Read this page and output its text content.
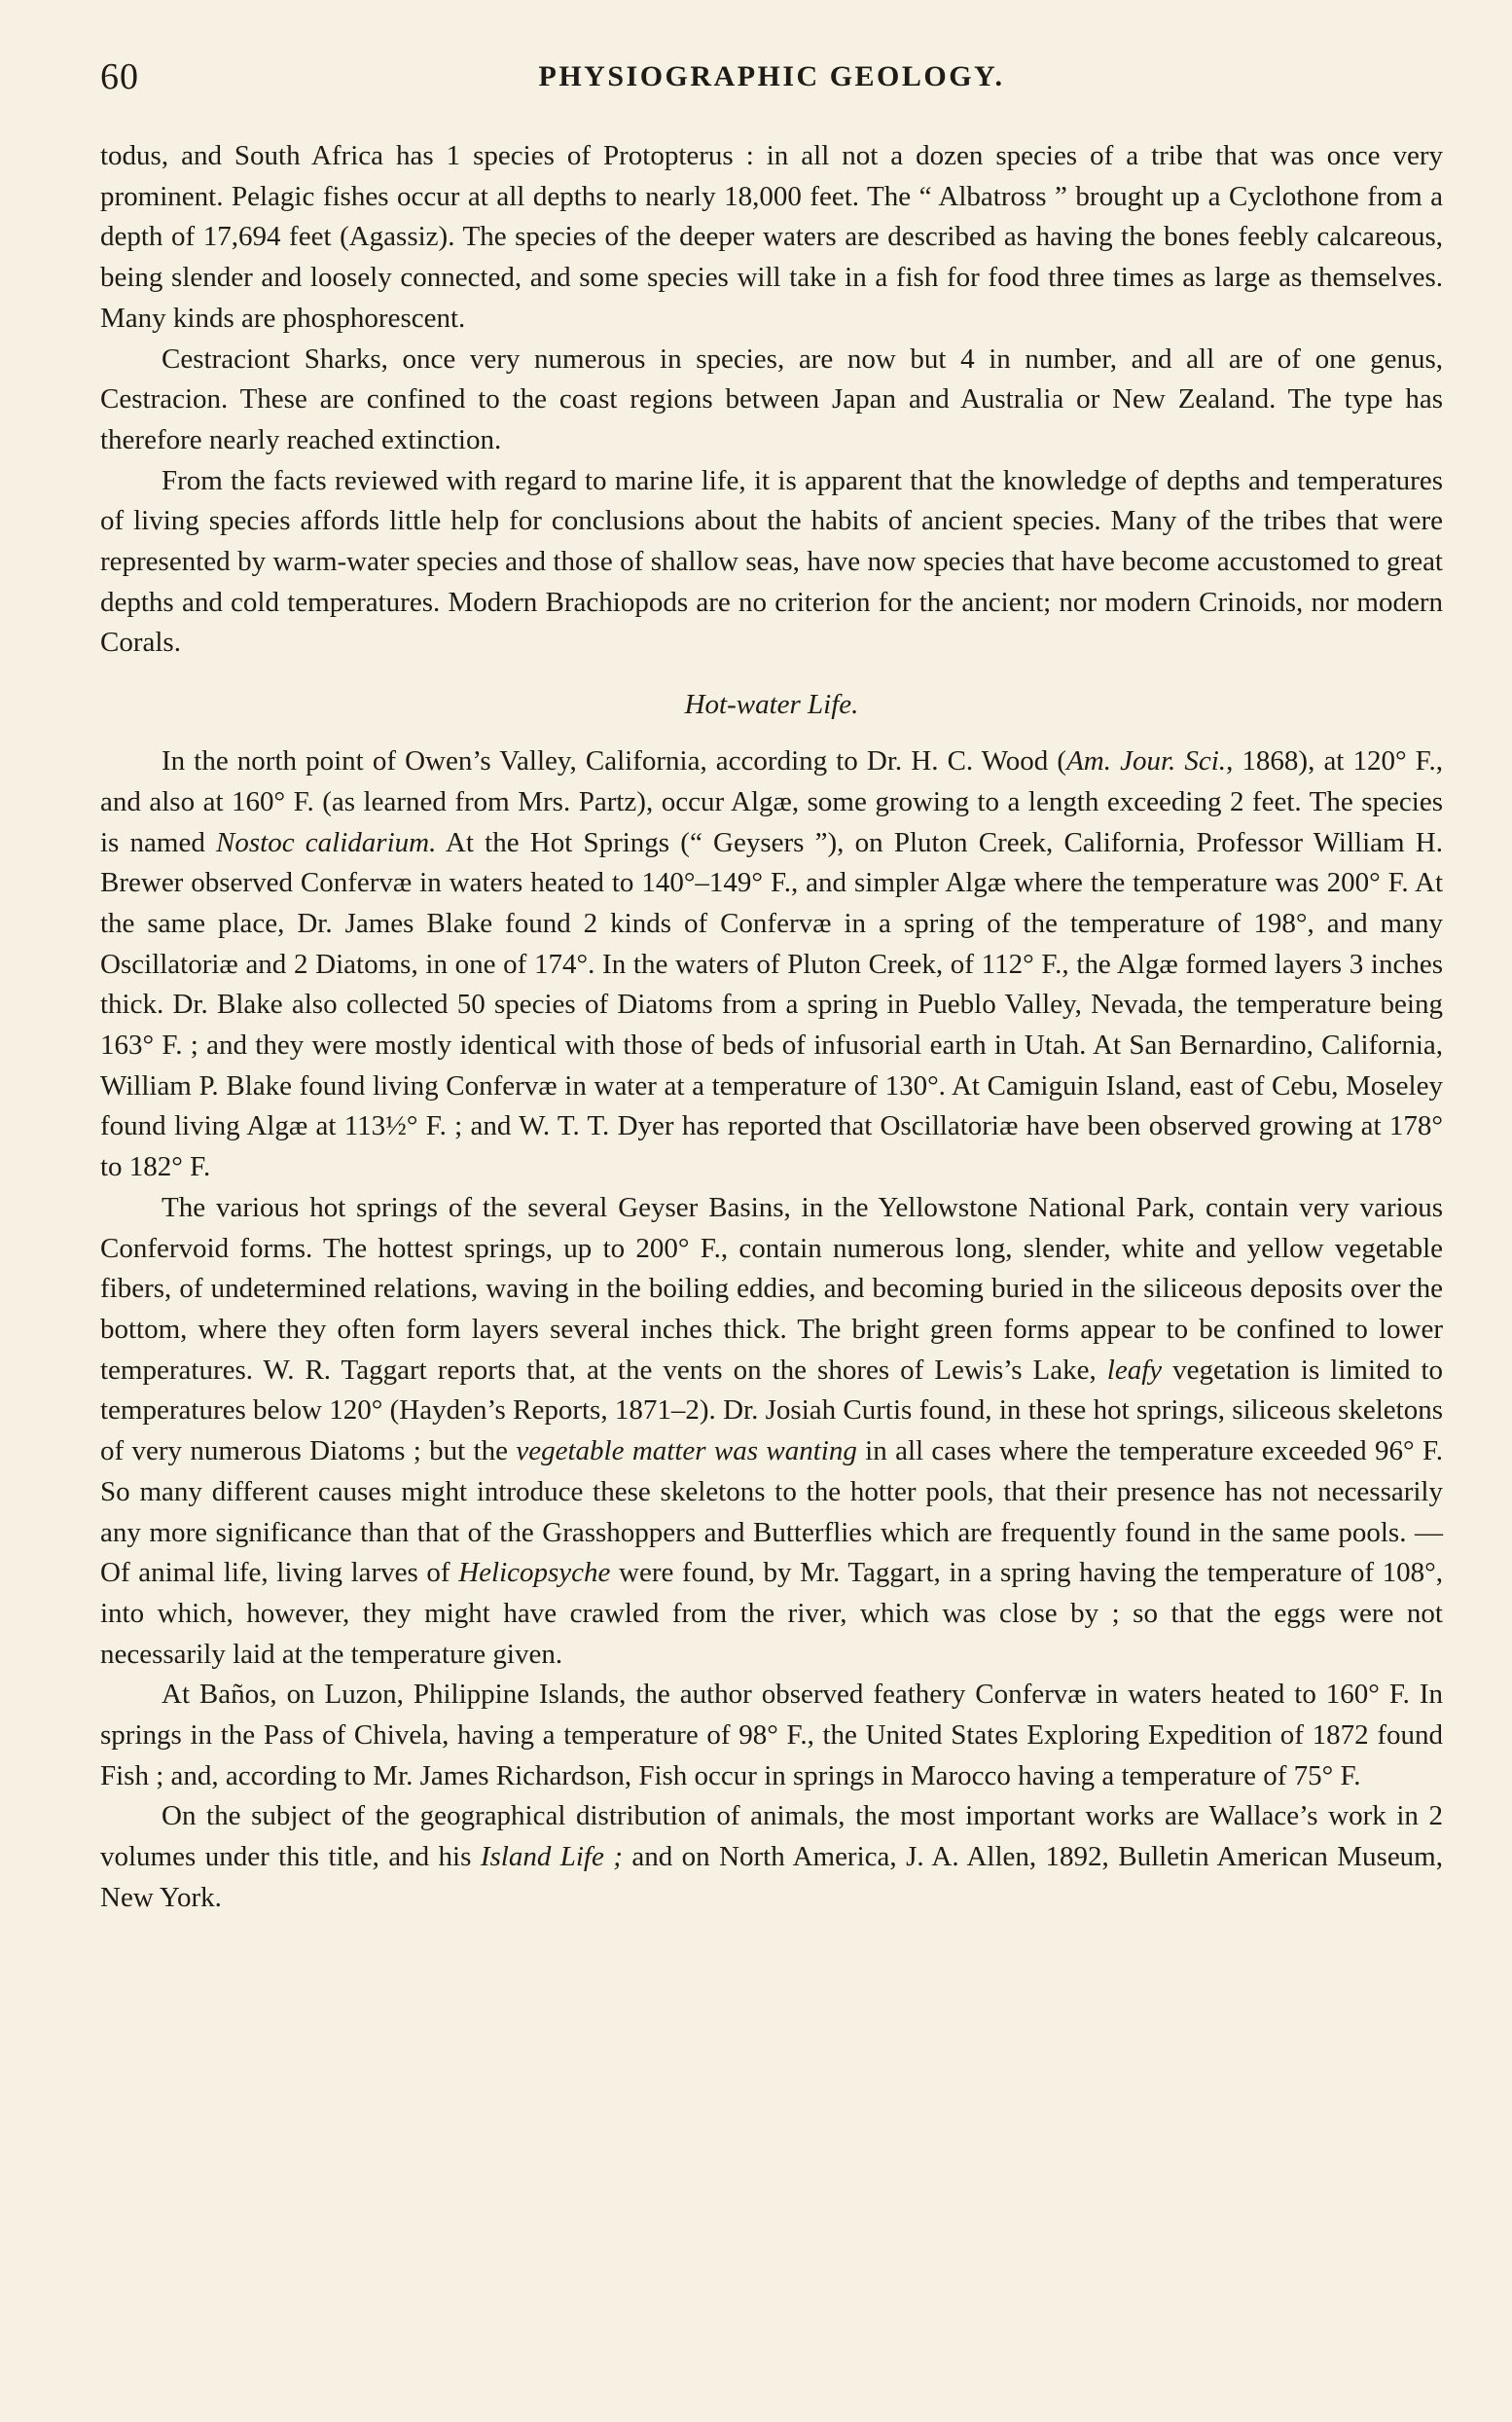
60	PHYSIOGRAPHIC GEOLOGY.

todus, and South Africa has 1 species of Protopterus : in all not a dozen species of a tribe that was once very prominent. Pelagic fishes occur at all depths to nearly 18,000 feet. The “ Albatross ” brought up a Cyclothone from a depth of 17,694 feet (Agassiz). The species of the deeper waters are described as having the bones feebly calcareous, being slender and loosely connected, and some species will take in a fish for food three times as large as themselves. Many kinds are phosphorescent.

Cestraciont Sharks, once very numerous in species, are now but 4 in number, and all are of one genus, Cestracion. These are confined to the coast regions between Japan and Australia or New Zealand. The type has therefore nearly reached extinction.

From the facts reviewed with regard to marine life, it is apparent that the knowledge of depths and temperatures of living species affords little help for conclusions about the habits of ancient species. Many of the tribes that were represented by warm-water species and those of shallow seas, have now species that have become accustomed to great depths and cold temperatures. Modern Brachiopods are no criterion for the ancient; nor modern Crinoids, nor modern Corals.

Hot-water Life.

In the north point of Owen’s Valley, California, according to Dr. H. C. Wood (Am. Jour. Sci., 1868), at 120° F., and also at 160° F. (as learned from Mrs. Partz), occur Algæ, some growing to a length exceeding 2 feet. The species is named Nostoc calidarium. At the Hot Springs (“ Geysers ”), on Pluton Creek, California, Professor William H. Brewer observed Confervæ in waters heated to 140°–149° F., and simpler Algæ where the temperature was 200° F. At the same place, Dr. James Blake found 2 kinds of Confervæ in a spring of the temperature of 198°, and many Oscillatoriæ and 2 Diatoms, in one of 174°. In the waters of Pluton Creek, of 112° F., the Algæ formed layers 3 inches thick. Dr. Blake also collected 50 species of Diatoms from a spring in Pueblo Valley, Nevada, the temperature being 163° F. ; and they were mostly identical with those of beds of infusorial earth in Utah. At San Bernardino, California, William P. Blake found living Confervæ in water at a temperature of 130°. At Camiguin Island, east of Cebu, Moseley found living Algæ at 113½° F. ; and W. T. T. Dyer has reported that Oscillatoriæ have been observed growing at 178° to 182° F.

The various hot springs of the several Geyser Basins, in the Yellowstone National Park, contain very various Confervoid forms. The hottest springs, up to 200° F., contain numerous long, slender, white and yellow vegetable fibers, of undetermined relations, waving in the boiling eddies, and becoming buried in the siliceous deposits over the bottom, where they often form layers several inches thick. The bright green forms appear to be confined to lower temperatures. W. R. Taggart reports that, at the vents on the shores of Lewis’s Lake, leafy vegetation is limited to temperatures below 120° (Hayden’s Reports, 1871–2). Dr. Josiah Curtis found, in these hot springs, siliceous skeletons of very numerous Diatoms ; but the vegetable matter was wanting in all cases where the temperature exceeded 96° F. So many different causes might introduce these skeletons to the hotter pools, that their presence has not necessarily any more significance than that of the Grasshoppers and Butterflies which are frequently found in the same pools. — Of animal life, living larves of Helicopsyche were found, by Mr. Taggart, in a spring having the temperature of 108°, into which, however, they might have crawled from the river, which was close by ; so that the eggs were not necessarily laid at the temperature given.

At Baños, on Luzon, Philippine Islands, the author observed feathery Confervæ in waters heated to 160° F. In springs in the Pass of Chivela, having a temperature of 98° F., the United States Exploring Expedition of 1872 found Fish ; and, according to Mr. James Richardson, Fish occur in springs in Marocco having a temperature of 75° F.

On the subject of the geographical distribution of animals, the most important works are Wallace’s work in 2 volumes under this title, and his Island Life ; and on North America, J. A. Allen, 1892, Bulletin American Museum, New York.
